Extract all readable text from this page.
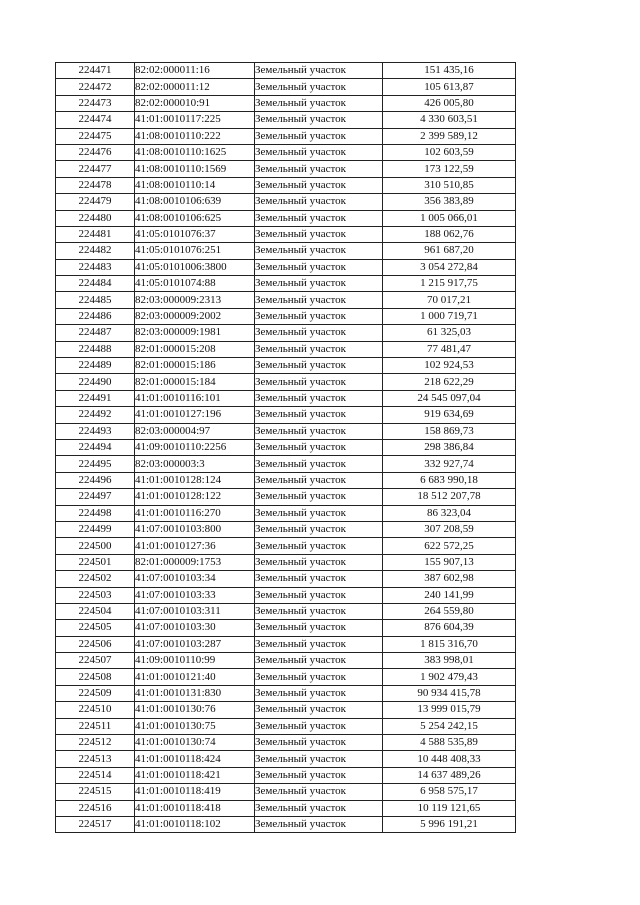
224471	82:02:000011:16	Земельный участок	151 435,16
224472	82:02:000011:12	Земельный участок	105 613,87
224473	82:02:000010:91	Земельный участок	426 005,80
224474	41:01:0010117:225	Земельный участок	4 330 603,51
224475	41:08:0010110:222	Земельный участок	2 399 589,12
224476	41:08:0010110:1625	Земельный участок	102 603,59
224477	41:08:0010110:1569	Земельный участок	173 122,59
224478	41:08:0010110:14	Земельный участок	310 510,85
224479	41:08:0010106:639	Земельный участок	356 383,89
224480	41:08:0010106:625	Земельный участок	1 005 066,01
224481	41:05:0101076:37	Земельный участок	188 062,76
224482	41:05:0101076:251	Земельный участок	961 687,20
224483	41:05:0101006:3800	Земельный участок	3 054 272,84
224484	41:05:0101074:88	Земельный участок	1 215 917,75
224485	82:03:000009:2313	Земельный участок	70 017,21
224486	82:03:000009:2002	Земельный участок	1 000 719,71
224487	82:03:000009:1981	Земельный участок	61 325,03
224488	82:01:000015:208	Земельный участок	77 481,47
224489	82:01:000015:186	Земельный участок	102 924,53
224490	82:01:000015:184	Земельный участок	218 622,29
224491	41:01:0010116:101	Земельный участок	24 545 097,04
224492	41:01:0010127:196	Земельный участок	919 634,69
224493	82:03:000004:97	Земельный участок	158 869,73
224494	41:09:0010110:2256	Земельный участок	298 386,84
224495	82:03:000003:3	Земельный участок	332 927,74
224496	41:01:0010128:124	Земельный участок	6 683 990,18
224497	41:01:0010128:122	Земельный участок	18 512 207,78
224498	41:01:0010116:270	Земельный участок	86 323,04
224499	41:07:0010103:800	Земельный участок	307 208,59
224500	41:01:0010127:36	Земельный участок	622 572,25
224501	82:01:000009:1753	Земельный участок	155 907,13
224502	41:07:0010103:34	Земельный участок	387 602,98
224503	41:07:0010103:33	Земельный участок	240 141,99
224504	41:07:0010103:311	Земельный участок	264 559,80
224505	41:07:0010103:30	Земельный участок	876 604,39
224506	41:07:0010103:287	Земельный участок	1 815 316,70
224507	41:09:0010110:99	Земельный участок	383 998,01
224508	41:01:0010121:40	Земельный участок	1 902 479,43
224509	41:01:0010131:830	Земельный участок	90 934 415,78
224510	41:01:0010130:76	Земельный участок	13 999 015,79
224511	41:01:0010130:75	Земельный участок	5 254 242,15
224512	41:01:0010130:74	Земельный участок	4 588 535,89
224513	41:01:0010118:424	Земельный участок	10 448 408,33
224514	41:01:0010118:421	Земельный участок	14 637 489,26
224515	41:01:0010118:419	Земельный участок	6 958 575,17
224516	41:01:0010118:418	Земельный участок	10 119 121,65
224517	41:01:0010118:102	Земельный участок	5 996 191,21
